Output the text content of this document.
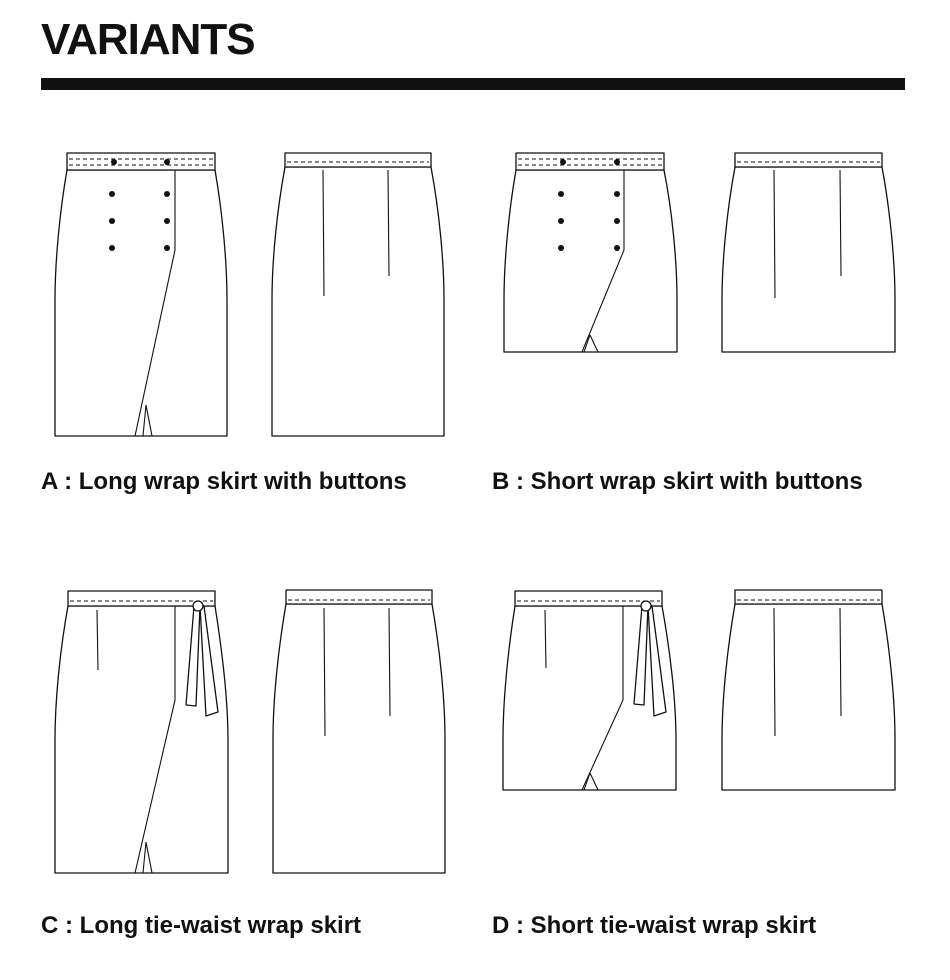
VARIANTS
A : Long wrap skirt with buttons	B : Short wrap skirt with buttons
C : Long tie-waist wrap skirt	D : Short tie-waist wrap skirt
